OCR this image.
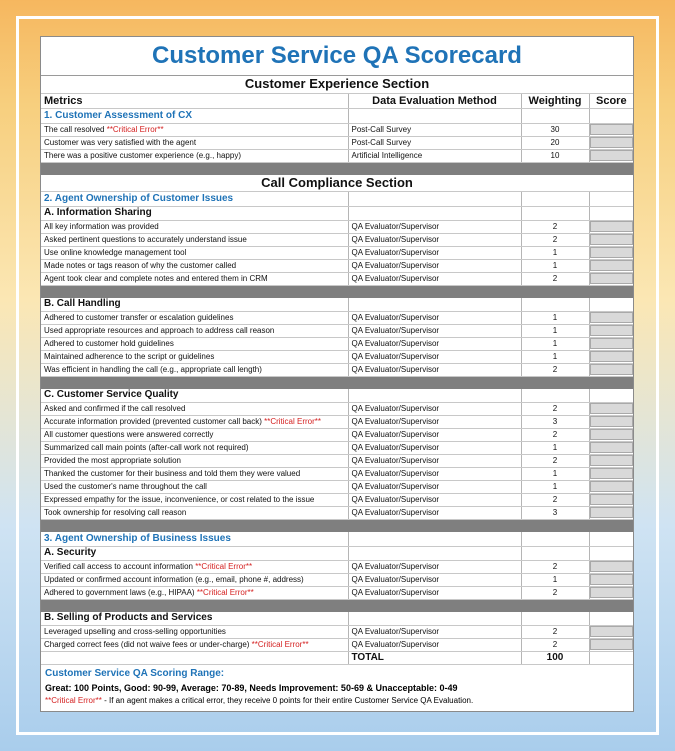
Customer Service QA Scorecard
Customer Experience Section			
Metrics	Data Evaluation Method	Weighting	Score
1. Customer Assessment of CX			
The call resolved **Critical Error**	Post-Call Survey	30	

Customer was very satisfied with the agent	Post-Call Survey	20	

There was a positive customer experience (e.g., happy)	Artificial Intelligence	10	

Call Compliance Section			
2. Agent Ownership of Customer Issues			
A. Information Sharing			
All key information was provided	QA Evaluator/Supervisor	2	

Asked pertinent questions to accurately understand issue	QA Evaluator/Supervisor	2	

Use online knowledge management tool	QA Evaluator/Supervisor	1	

Made notes or tags reason of why the customer called	QA Evaluator/Supervisor	1	

Agent took clear and complete notes and entered them in CRM	QA Evaluator/Supervisor	2	

B. Call Handling			
Adhered to customer transfer or escalation guidelines	QA Evaluator/Supervisor	1	

Used appropriate resources and approach to address call reason	QA Evaluator/Supervisor	1	

Adhered to customer hold guidelines	QA Evaluator/Supervisor	1	

Maintained adherence to the script or guidelines	QA Evaluator/Supervisor	1	

Was efficient in handling the call (e.g., appropriate call length)	QA Evaluator/Supervisor	2	

C. Customer Service Quality			
Asked and confirmed if the call resolved	QA Evaluator/Supervisor	2	

Accurate information provided (prevented customer call back) **Critical Error**	QA Evaluator/Supervisor	3	

All customer questions were answered correctly	QA Evaluator/Supervisor	2	

Summarized call main points (after-call work not required)	QA Evaluator/Supervisor	1	

Provided the most appropriate solution	QA Evaluator/Supervisor	2	

Thanked the customer for their business and told them they were valued	QA Evaluator/Supervisor	1	

Used the customer's name throughout the call	QA Evaluator/Supervisor	1	

Expressed empathy for the issue, inconvenience, or cost related to the issue	QA Evaluator/Supervisor	2	

Took ownership for resolving call reason	QA Evaluator/Supervisor	3	

3. Agent Ownership of Business Issues			
A. Security			
Verified call access to account information **Critical Error**	QA Evaluator/Supervisor	2	

Updated or confirmed account information (e.g., email, phone #, address)	QA Evaluator/Supervisor	1	

Adhered to government laws (e.g., HIPAA) **Critical Error**	QA Evaluator/Supervisor	2	

B. Selling of Products and Services			
Leveraged upselling and cross-selling opportunities	QA Evaluator/Supervisor	2	

Charged correct fees (did not waive fees or under-charge) **Critical Error**	QA Evaluator/Supervisor	2	

	TOTAL	100	
Customer Service QA Scoring Range:
Great: 100 Points, Good: 90-99, Average: 70-89, Needs Improvement: 50-69 & Unacceptable: 0-49
**Critical Error** - If an agent makes a critical error, they receive 0 points for their entire Customer Service QA Evaluation.
